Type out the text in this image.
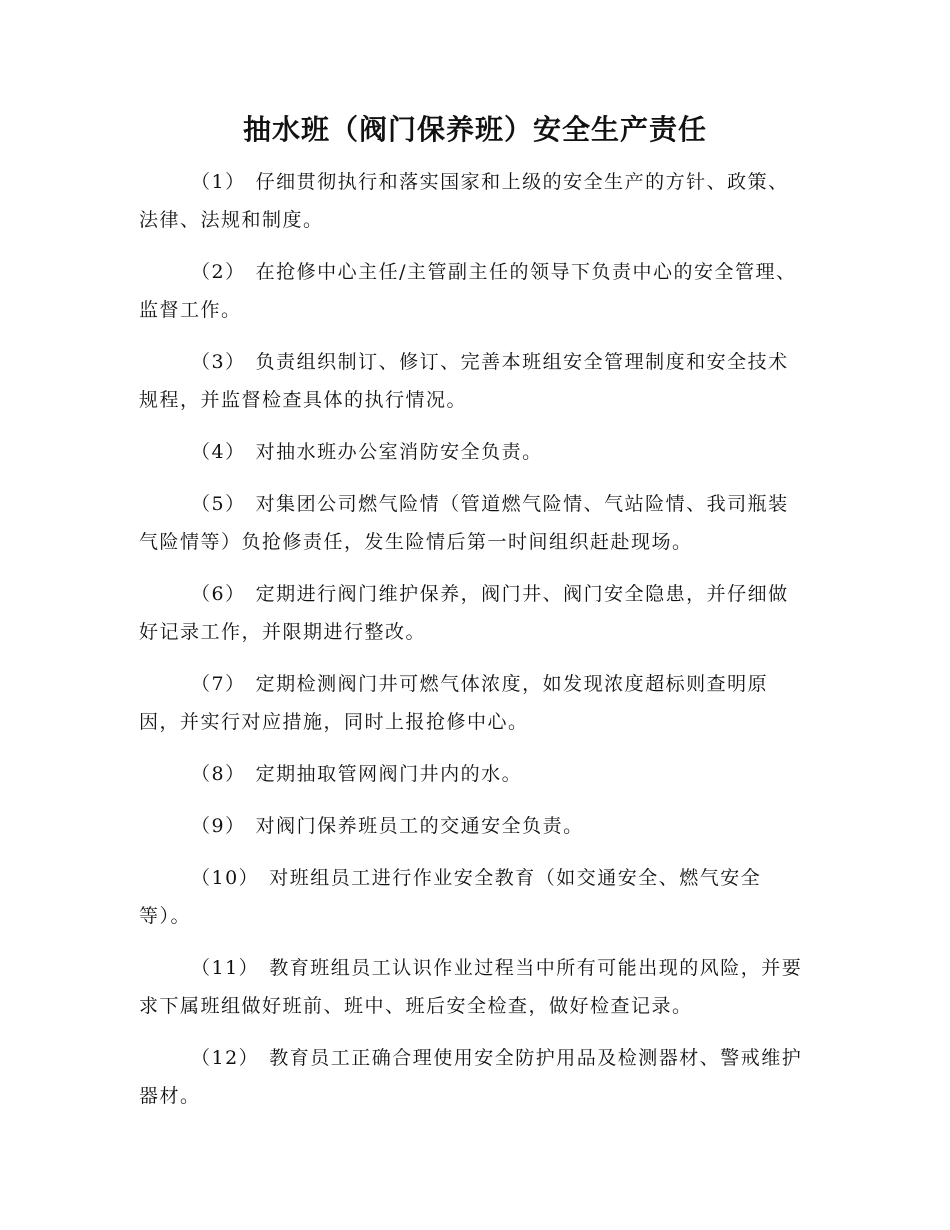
抽水班（阀门保养班）安全生产责任
（1） 仔细贯彻执行和落实国家和上级的安全生产的方针、政策、法律、法规和制度。
（2） 在抢修中心主任/主管副主任的领导下负责中心的安全管理、监督工作。
（3） 负责组织制订、修订、完善本班组安全管理制度和安全技术规程，并监督检查具体的执行情况。
（4） 对抽水班办公室消防安全负责。
（5） 对集团公司燃气险情（管道燃气险情、气站险情、我司瓶装气险情等）负抢修责任，发生险情后第一时间组织赶赴现场。
（6） 定期进行阀门维护保养，阀门井、阀门安全隐患，并仔细做好记录工作，并限期进行整改。
（7） 定期检测阀门井可燃气体浓度，如发现浓度超标则查明原因，并实行对应措施，同时上报抢修中心。
（8） 定期抽取管网阀门井内的水。
（9） 对阀门保养班员工的交通安全负责。
（10） 对班组员工进行作业安全教育（如交通安全、燃气安全等）。
（11） 教育班组员工认识作业过程当中所有可能出现的风险，并要求下属班组做好班前、班中、班后安全检查，做好检查记录。
（12） 教育员工正确合理使用安全防护用品及检测器材、警戒维护器材。
